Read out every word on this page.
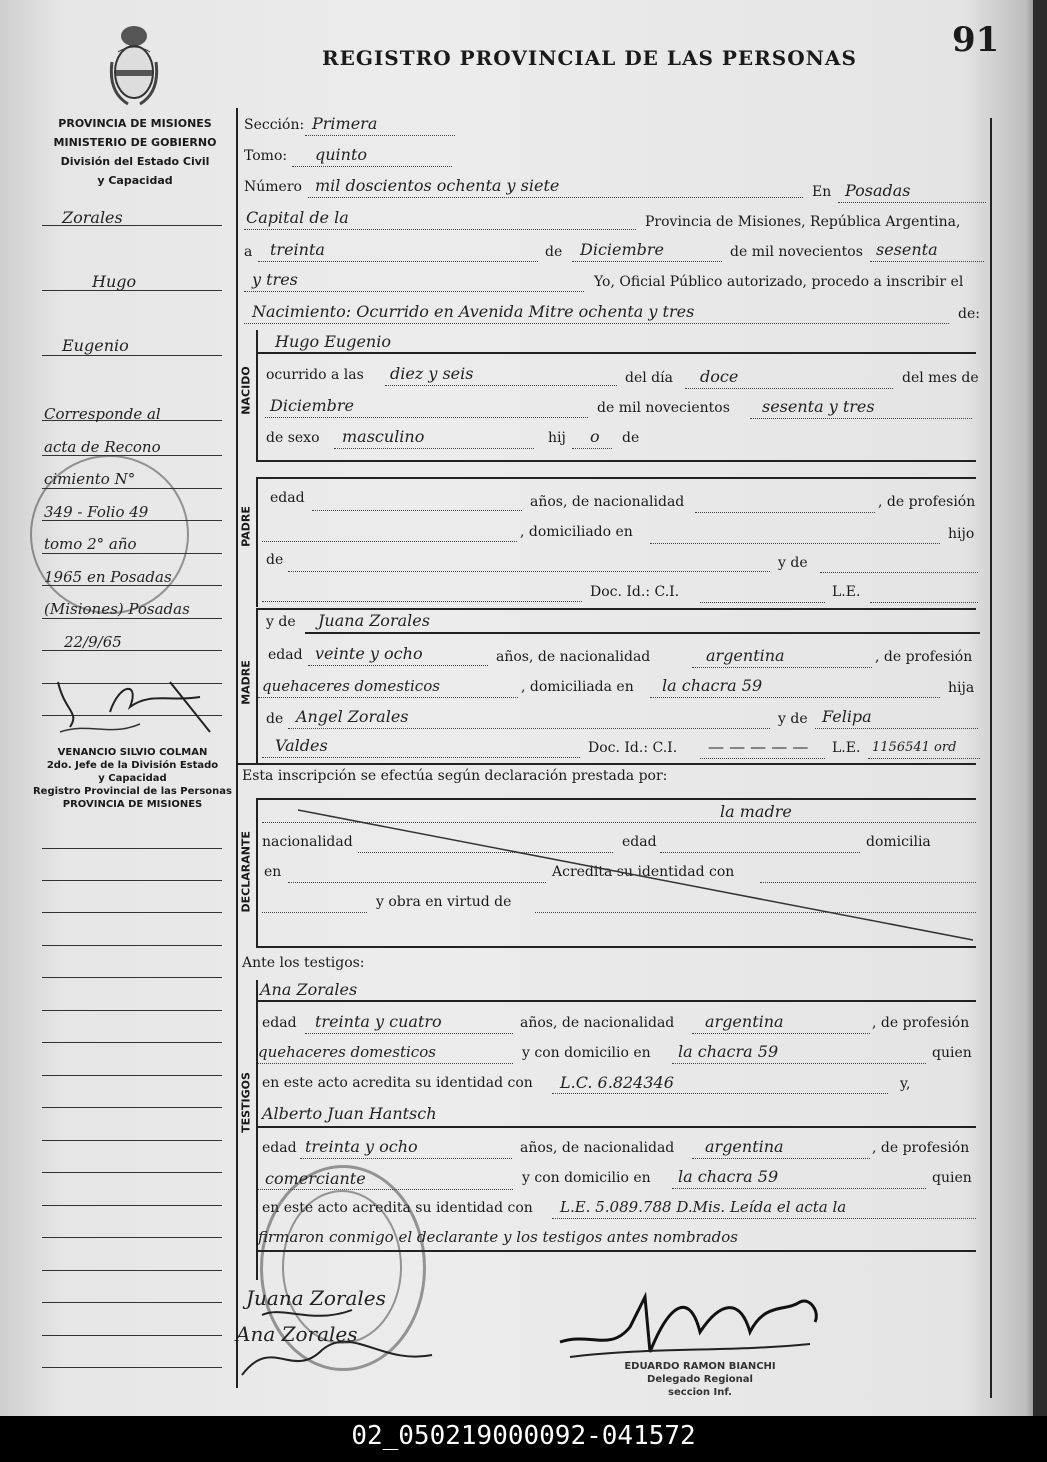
REGISTRO PROVINCIAL DE LAS PERSONAS	91
PROVINCIA DE MISIONES
MINISTERIO DE GOBIERNO
División del Estado Civil
y Capacidad
Zorales
Hugo
Eugenio
Corresponde al
acta de Recono
cimiento N°
349 - Folio 49
tomo 2° año
1965 en Posadas
(Misiones) Posadas
22/9/65
VENANCIO SILVIO COLMAN
2do. Jefe de la División Estado
y Capacidad
Registro Provincial de las Personas
PROVINCIA DE MISIONES
Sección: Primera
Tomo: quinto
Número mil doscientos ochenta y siete	En Posadas
Capital de la	Provincia de Misiones, República Argentina,
a treinta	de Diciembre	de mil novecientos sesenta
y tres	Yo, Oficial Público autorizado, procedo a inscribir el
Nacimiento: Ocurrido en Avenida Mitre ochenta y tres	de:
NACIDO
Hugo Eugenio
ocurrido a las diez y seis	del día doce	del mes de
Diciembre	de mil novecientos sesenta y tres
de sexo masculino	hij o de
PADRE
edad	años, de nacionalidad	, de profesión
, domiciliado en	hijo
de	y de
Doc. Id.: C.I.	L.E.
MADRE
y de Juana Zorales
edad veinte y ocho	años, de nacionalidad	argentina	, de profesión
quehaceres domesticos	, domiciliada en la chacra 59	hija
de Angel Zorales	y de Felipa
Valdes	Doc. Id.: C.I. — — — — — L.E. 1156541 ord
Esta inscripción se efectúa según declaración prestada por:
DECLARANTE
la madre
nacionalidad	edad	domicilia
en	Acredita su identidad con
y obra en virtud de
Ante los testigos:
TESTIGOS
Ana Zorales
edad treinta y cuatro	años, de nacionalidad argentina	, de profesión
quehaceres domesticos	y con domicilio en la chacra 59	quien
en este acto acredita su identidad con L.C. 6.824346	y,
Alberto Juan Hantsch
edad treinta y ocho	años, de nacionalidad argentina	, de profesión
comerciante	y con domicilio en la chacra 59	quien
en este acto acredita su identidad con L.E. 5.089.788 D.Mis. Leída el acta la
firmaron conmigo el declarante y los testigos antes nombrados
Juana Zorales
Ana Zorales
EDUARDO RAMON BIANCHI
Delegado Regional
seccion Inf.
02_050219000092-041572
